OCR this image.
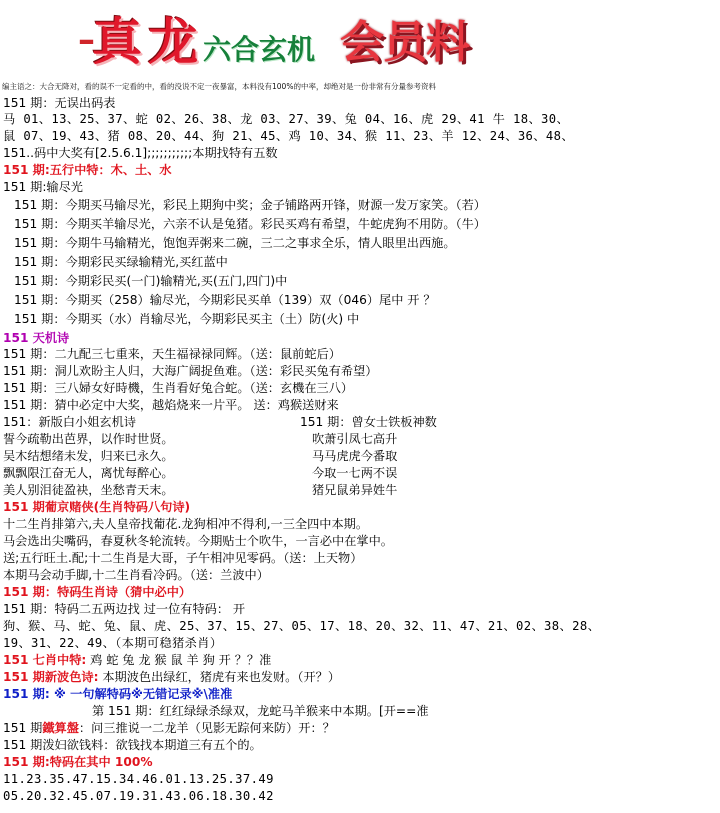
–
真 龙 六合玄机 会员料
编主语之：大合无降对，看的误不一定看的中，看的没说不定一夜暴富，本料没有100%的中率，却绝对是一份非常有分量参考资料
151 期：无误出码表
马 01、13、25、37、蛇 02、26、38、龙 03、27、39、兔 04、16、虎 29、41 牛 18、30、
鼠 07、19、43、猪 08、20、44、狗 21、45、鸡 10、34、猴 11、23、羊 12、24、36、48、
151..码中大奖有[2.5.6.1];;;;;;;;;;;本期找特有五数
151 期:五行中特：木、土、水
151 期:输尽光
151 期：今期买马输尽光，彩民上期狗中奖；金子铺路两开锋，财源一发万家笑。（若）
151 期：今期买羊输尽光，六亲不认是兔猪。彩民买鸡有希望，牛蛇虎狗不用防。（牛）
151 期：今期牛马输精光，饱饱弄粥来二碗，三二之事求全乐，情人眼里出西施。
151 期：今期彩民买绿输精光,买红蓝中
151 期：今期彩民买(一门)输精光,买(五门,四门)中
151 期：今期买（258）输尽光，今期彩民买单（139）双（046）尾中 开 ？
151 期：今期买（水）肖输尽光，今期彩民买主（土）防(火) 中
151 天机诗
151 期：二九配三七重来，天生福禄禄同辉。（送：鼠前蛇后）
151 期：洞儿欢盼主人归，大海广阔捉鱼难。（送：彩民买兔有希望）
151 期：三八婦女好時機，生肖看好兔合蛇。（送：玄機在三八）
151 期：猜中必定中大奖，越焰烧来一片平。 送：鸡猴送财来
151：新版白小姐玄机诗
誓今疏勒出芭界，以作时世贤。
吴木结想绪未发，归来已永久。
飘飘限江奋无人，离忧每醉心。
美人别泪徒盈袂，坐愁青天末。
151 期：曾女士铁板神数
吹萧引凤七高升
马马虎虎今番取
今取一七两不误
猪兄鼠弟异姓牛
151 期葡京赌侠(生肖特码八句诗)
十二生肖排第六,夫人皇帝找葡花.龙狗相冲不得利,一三全四中本期。
马会选出尖嘴码，春夏秋冬轮流转。今期贴士个吹牛，一言必中在掌中。
送;五行旺土.配;十二生肖是大哥，子午相冲见零码。（送：上天物）
本期马会动手脚,十二生肖看冷码。（送：兰波中）
151 期：特码生肖诗（猜中必中）
151 期：特码二五两边找 过一位有特码： 开
狗、猴、马、蛇、兔、鼠、虎、25、37、15、27、05、17、18、20、32、11、47、21、02、38、28、
19、31、22、49、（本期可稳猪杀肖）
151 七肖中特: 鸡 蛇 兔 龙 猴 鼠 羊 狗 开 ？？准
151 期新波色诗: 本期波色出绿红，猪虎有来也发财。（开？）
151 期: ※ 一句解特码※无错记录※\准准
第 151 期：红红绿绿杀绿双，龙蛇马羊猴来中本期。[开==准
151 期鐵算盤：问三推说一二龙羊（见影无踪何来防）开：？
151 期泼妇欲钱料：欲钱找本期道三有五个的。
151 期:特码在其中 100%
11.23.35.47.15.34.46.01.13.25.37.49
05.20.32.45.07.19.31.43.06.18.30.42
